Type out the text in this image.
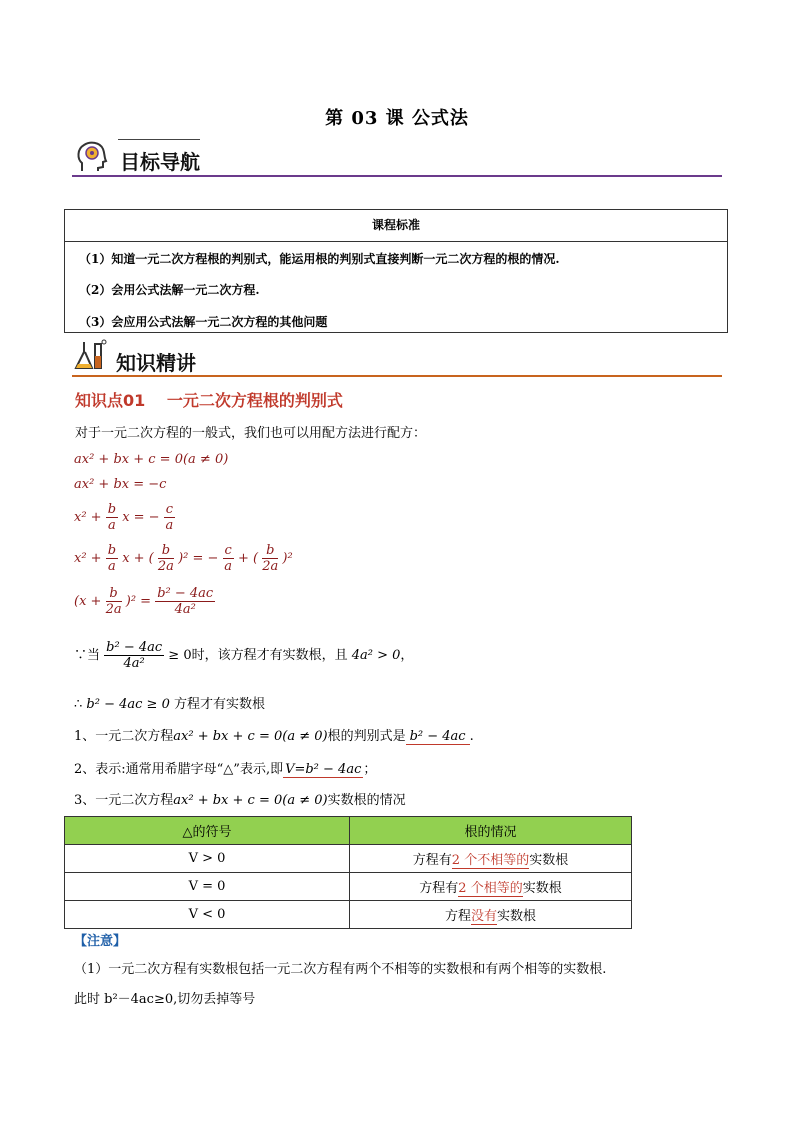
第 03 课 公式法
目标导航
课程标准
（1）知道一元二次方程根的判别式，能运用根的判别式直接判断一元二次方程的根的情况.
（2）会用公式法解一元二次方程.
（3）会应用公式法解一元二次方程的其他问题
知识精讲
知识点01　 一元二次方程根的判别式
对于一元二次方程的一般式，我们也可以用配方法进行配方：
ax² + bx + c = 0(a ≠ 0)
ax² + bx = −c
$x^2 + \frac{b}{a}$ x = − $\frac{c}{a}$
$x^2 + \frac{b}{a}$ x + ( $\frac{b}{2a} )^2$ = − $\frac{c}{a}$ + ( $\frac{b}{2a} )^2$
$(x + \frac{b}{2a} )^2 = \frac{\text{b² − 4ac}}{\text{4a²}}$
∵当 $\frac{\text{b² − 4ac}}{\text{4a²}} \ge 0$时，该方程才有实数根，且 4a² > 0，
∴ b² − 4ac ≥ 0 方程才有实数根
1、一元二次方程ax² + bx + c = 0(a ≠ 0)根的判别式是 b² − 4ac .
2、表示:通常用希腊字母“△”表示,即 V=b² − 4ac ；
3、一元二次方程ax² + bx + c = 0(a ≠ 0)实数根的情况
△的符号	根的情况
V > 0	方程有2 个不相等的实数根
V = 0	方程有2 个相等的实数根
V < 0	方程没有实数根
【注意】
（1）一元二次方程有实数根包括一元二次方程有两个不相等的实数根和有两个相等的实数根.
此时 b²－4ac≥0,切勿丢掉等号
